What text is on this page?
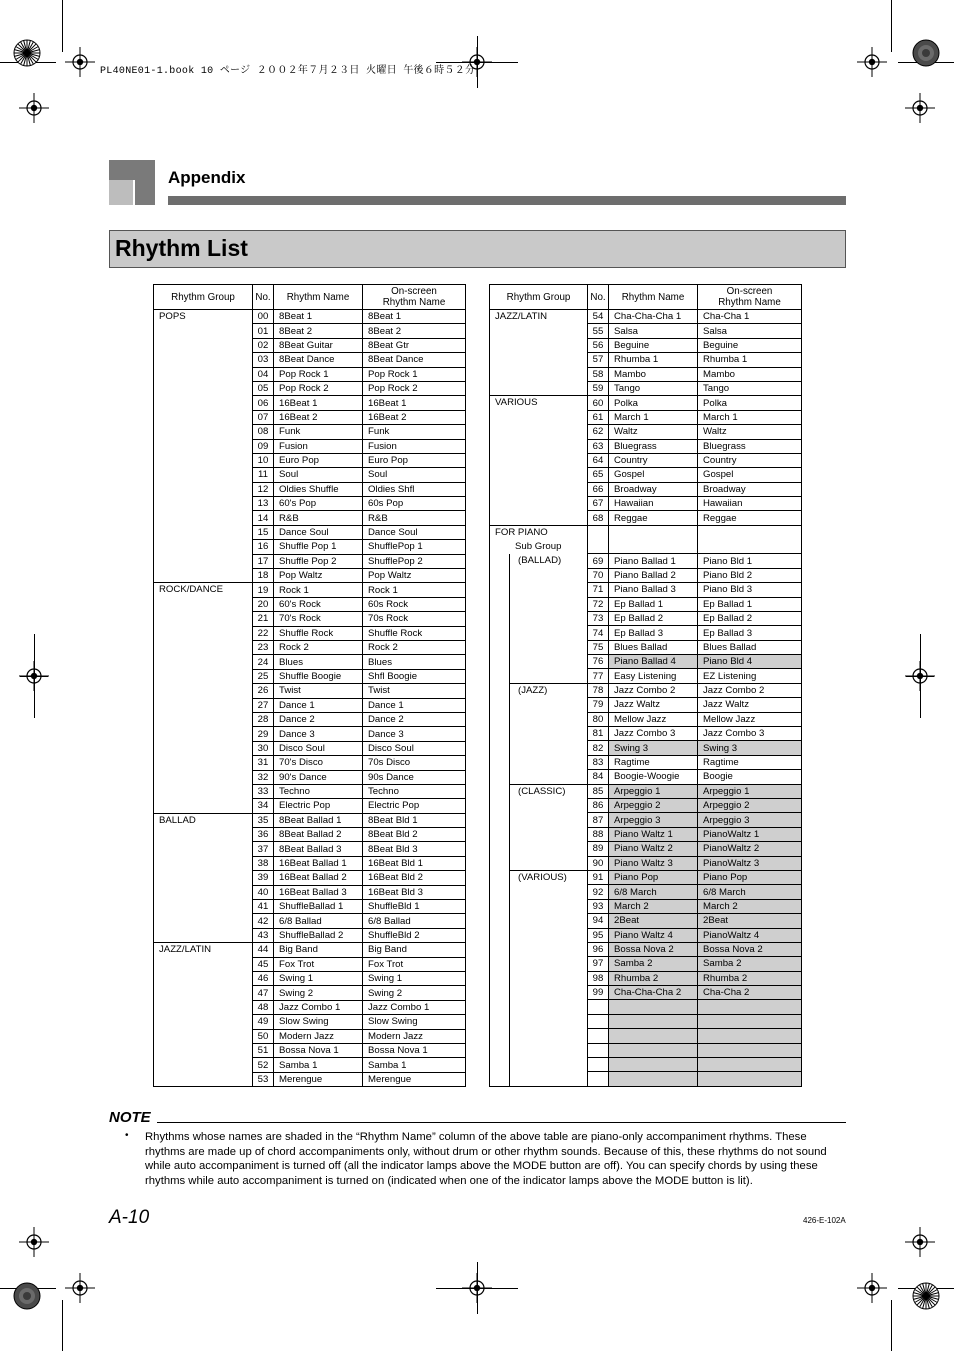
PL40NE01-1.book 10 ページ ２００２年７月２３日 火曜日 午後６時５２分
Appendix
Rhythm List
Rhythm Group	No.	Rhythm Name	On-screen
Rhythm Name
POPS	00	8Beat 1	8Beat 1
	01	8Beat 2	8Beat 2
	02	8Beat Guitar	8Beat Gtr
	03	8Beat Dance	8Beat Dance
	04	Pop Rock 1	Pop Rock 1
	05	Pop Rock 2	Pop Rock 2
	06	16Beat 1	16Beat 1
	07	16Beat 2	16Beat 2
	08	Funk	Funk
	09	Fusion	Fusion
	10	Euro Pop	Euro Pop
	11	Soul	Soul
	12	Oldies Shuffle	Oldies Shfl
	13	60's Pop	60s Pop
	14	R&B	R&B
	15	Dance Soul	Dance Soul
	16	Shuffle Pop 1	ShufflePop 1
	17	Shuffle Pop 2	ShufflePop 2
	18	Pop Waltz	Pop Waltz
ROCK/DANCE	19	Rock 1	Rock 1
	20	60's Rock	60s Rock
	21	70's Rock	70s Rock
	22	Shuffle Rock	Shuffle Rock
	23	Rock 2	Rock 2
	24	Blues	Blues
	25	Shuffle Boogie	Shfl Boogie
	26	Twist	Twist
	27	Dance 1	Dance 1
	28	Dance 2	Dance 2
	29	Dance 3	Dance 3
	30	Disco Soul	Disco Soul
	31	70's Disco	70s Disco
	32	90's Dance	90s Dance
	33	Techno	Techno
	34	Electric Pop	Electric Pop
BALLAD	35	8Beat Ballad 1	8Beat Bld 1
	36	8Beat Ballad 2	8Beat Bld 2
	37	8Beat Ballad 3	8Beat Bld 3
	38	16Beat Ballad 1	16Beat Bld 1
	39	16Beat Ballad 2	16Beat Bld 2
	40	16Beat Ballad 3	16Beat Bld 3
	41	ShuffleBallad 1	ShuffleBld 1
	42	6/8 Ballad	6/8 Ballad
	43	ShuffleBallad 2	ShuffleBld 2
JAZZ/LATIN	44	Big Band	Big Band
	45	Fox Trot	Fox Trot
	46	Swing 1	Swing 1
	47	Swing 2	Swing 2
	48	Jazz Combo 1	Jazz Combo 1
	49	Slow Swing	Slow Swing
	50	Modern Jazz	Modern Jazz
	51	Bossa Nova 1	Bossa Nova 1
	52	Samba 1	Samba 1
	53	Merengue	Merengue
Rhythm Group		No.	Rhythm Name	On-screen
Rhythm Name
JAZZ/LATIN		54	Cha-Cha-Cha 1	Cha-Cha 1
		55	Salsa	Salsa
		56	Beguine	Beguine
		57	Rhumba 1	Rhumba 1
		58	Mambo	Mambo
		59	Tango	Tango
VARIOUS		60	Polka	Polka
		61	March 1	March 1
		62	Waltz	Waltz
		63	Bluegrass	Bluegrass
		64	Country	Country
		65	Gospel	Gospel
		66	Broadway	Broadway
		67	Hawaiian	Hawaiian
		68	Reggae	Reggae

FOR PIANO
Sub Group				

	(BALLAD)	69	Piano Ballad 1	Piano Bld 1
		70	Piano Ballad 2	Piano Bld 2
		71	Piano Ballad 3	Piano Bld 3
		72	Ep Ballad 1	Ep Ballad 1
		73	Ep Ballad 2	Ep Ballad 2
		74	Ep Ballad 3	Ep Ballad 3
		75	Blues Ballad	Blues Ballad
		76	Piano Ballad 4	Piano Bld 4
		77	Easy Listening	EZ Listening
	(JAZZ)	78	Jazz Combo 2	Jazz Combo 2
		79	Jazz Waltz	Jazz Waltz
		80	Mellow Jazz	Mellow Jazz
		81	Jazz Combo 3	Jazz Combo 3
		82	Swing 3	Swing 3
		83	Ragtime	Ragtime
		84	Boogie-Woogie	Boogie
	(CLASSIC)	85	Arpeggio 1	Arpeggio 1
		86	Arpeggio 2	Arpeggio 2
		87	Arpeggio 3	Arpeggio 3
		88	Piano Waltz 1	PianoWaltz 1
		89	Piano Waltz 2	PianoWaltz 2
		90	Piano Waltz 3	PianoWaltz 3
	(VARIOUS)	91	Piano Pop	Piano Pop
		92	6/8 March	6/8 March
		93	March 2	March 2
		94	2Beat	2Beat
		95	Piano Waltz 4	PianoWaltz 4
		96	Bossa Nova 2	Bossa Nova 2
		97	Samba 2	Samba 2
		98	Rhumba 2	Rhumba 2
		99	Cha-Cha-Cha 2	Cha-Cha 2

NOTE
• Rhythms whose names are shaded in the “Rhythm Name” column of the above table are piano-only accompaniment rhythms. These rhythms are made up of chord accompaniments only, without drum or other rhythm sounds. Because of this, these rhythms do not sound while auto accompaniment is turned off (all the indicator lamps above the MODE button are off). You can specify chords by using these rhythms while auto accompaniment is turned on (indicated when one of the indicator lamps above the MODE button is lit).
A-10	426-E-102A
